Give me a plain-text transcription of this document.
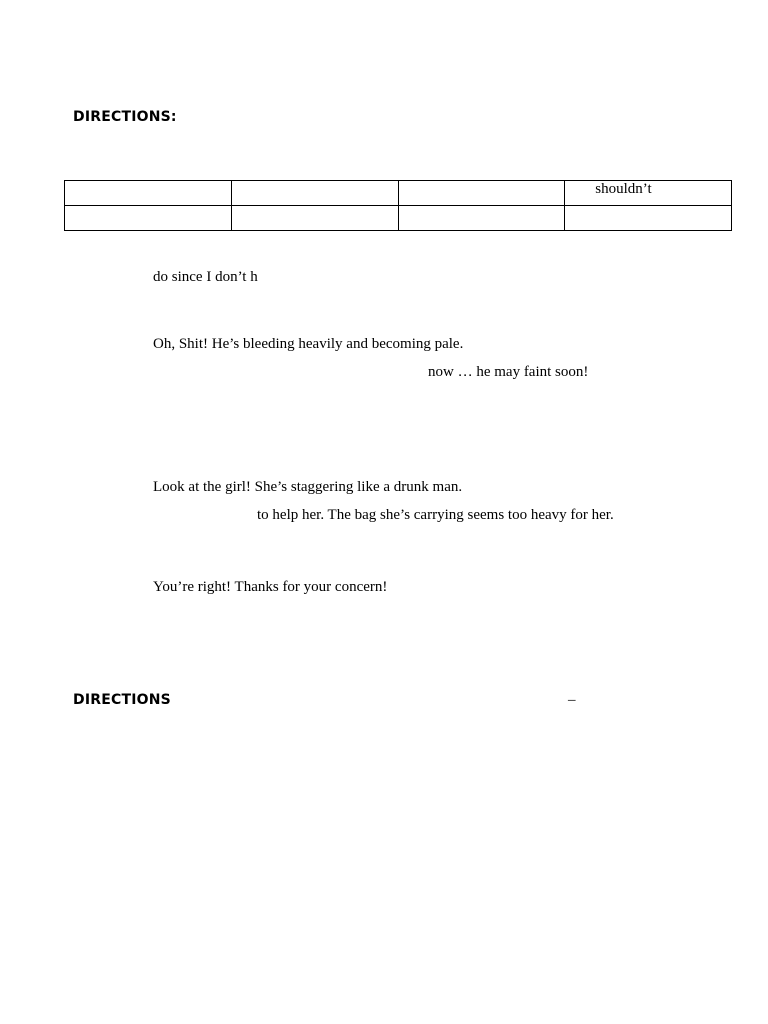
DIRECTIONS:

			shouldn’t

do since I don’t h
Oh, Shit! He’s bleeding heavily and becoming pale.
now … he may faint soon!
Look at the girl! She’s staggering like a drunk man.
to help her. The bag she’s carrying seems too heavy for her.
You’re right! Thanks for your concern!
DIRECTIONS	–
